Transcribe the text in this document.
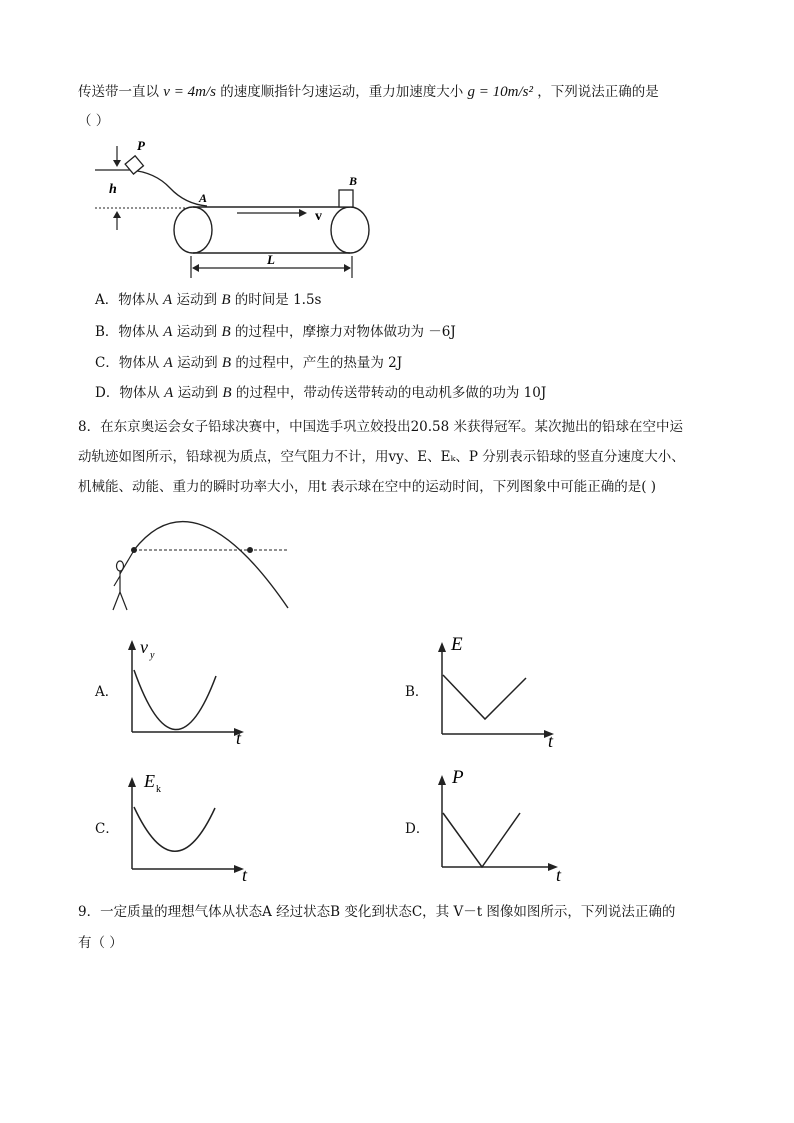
传送带一直以 v = 4m/s 的速度顺指针匀速运动，重力加速度大小 g = 10m/s² ，下列说法正确的是
（ ）
h
P
A
B
v
L
A．物体从 A 运动到 B 的时间是 1.5s
B．物体从 A 运动到 B 的过程中，摩擦力对物体做功为 －6J
C．物体从 A 运动到 B 的过程中，产生的热量为 2J
D．物体从 A 运动到 B 的过程中，带动传送带转动的电动机多做的功为 10J
8．在东京奥运会女子铅球决赛中，中国选手巩立姣投出20.58 米获得冠军。某次抛出的铅球在空中运
动轨迹如图所示，铅球视为质点，空气阻力不计，用vy、E、Eₖ、P 分别表示铅球的竖直分速度大小、
机械能、动能、重力的瞬时功率大小，用t 表示球在空中的运动时间，下列图象中可能正确的是( )
A．
v y
t
B．
E
t
C．
E k
t
D．
P
t
9．一定质量的理想气体从状态A 经过状态B 变化到状态C，其 V－t 图像如图所示，下列说法正确的
有（ ）
